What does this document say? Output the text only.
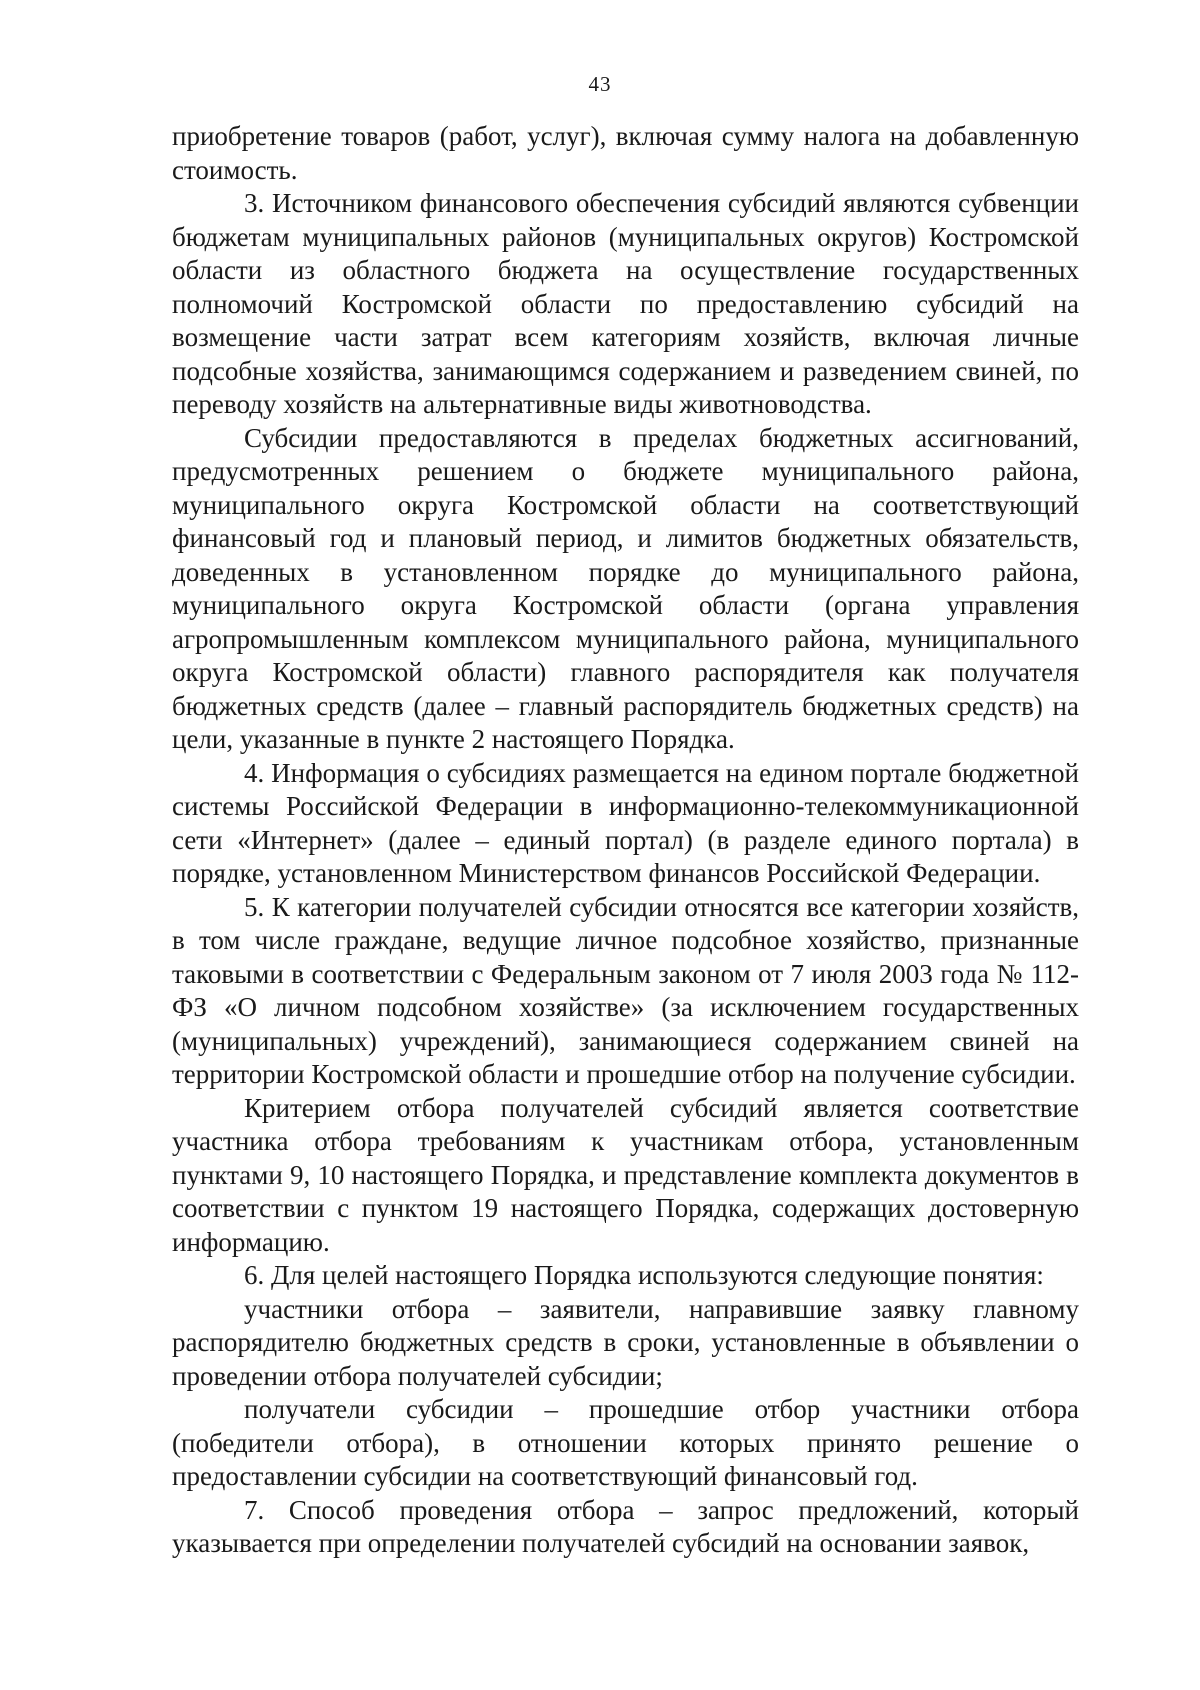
43

приобретение товаров (работ, услуг), включая сумму налога на добавленную стоимость.

3. Источником финансового обеспечения субсидий являются субвенции бюджетам муниципальных районов (муниципальных округов) Костромской области из областного бюджета на осуществление государственных полномочий Костромской области по предоставлению субсидий на возмещение части затрат всем категориям хозяйств, включая личные подсобные хозяйства, занимающимся содержанием и разведением свиней, по переводу хозяйств на альтернативные виды животноводства.

Субсидии предоставляются в пределах бюджетных ассигнований, предусмотренных решением о бюджете муниципального района, муниципального округа Костромской области на соответствующий финансовый год и плановый период, и лимитов бюджетных обязательств, доведенных в установленном порядке до муниципального района, муниципального округа Костромской области (органа управления агропромышленным комплексом муниципального района, муниципального округа Костромской области) главного распорядителя как получателя бюджетных средств (далее – главный распорядитель бюджетных средств) на цели, указанные в пункте 2 настоящего Порядка.

4. Информация о субсидиях размещается на едином портале бюджетной системы Российской Федерации в информационно-телекоммуникационной сети «Интернет» (далее – единый портал) (в разделе единого портала) в порядке, установленном Министерством финансов Российской Федерации.

5. К категории получателей субсидии относятся все категории хозяйств, в том числе граждане, ведущие личное подсобное хозяйство, признанные таковыми в соответствии с Федеральным законом от 7 июля 2003 года № 112-ФЗ «О личном подсобном хозяйстве» (за исключением государственных (муниципальных) учреждений), занимающиеся содержанием свиней на территории Костромской области и прошедшие отбор на получение субсидии.

Критерием отбора получателей субсидий является соответствие участника отбора требованиям к участникам отбора, установленным пунктами 9, 10 настоящего Порядка, и представление комплекта документов в соответствии с пунктом 19 настоящего Порядка, содержащих достоверную информацию.

6. Для целей настоящего Порядка используются следующие понятия:

участники отбора – заявители, направившие заявку главному распорядителю бюджетных средств в сроки, установленные в объявлении о проведении отбора получателей субсидии;

получатели субсидии – прошедшие отбор участники отбора (победители отбора), в отношении которых принято решение о предоставлении субсидии на соответствующий финансовый год.

7. Способ проведения отбора – запрос предложений, который указывается при определении получателей субсидий на основании заявок,
